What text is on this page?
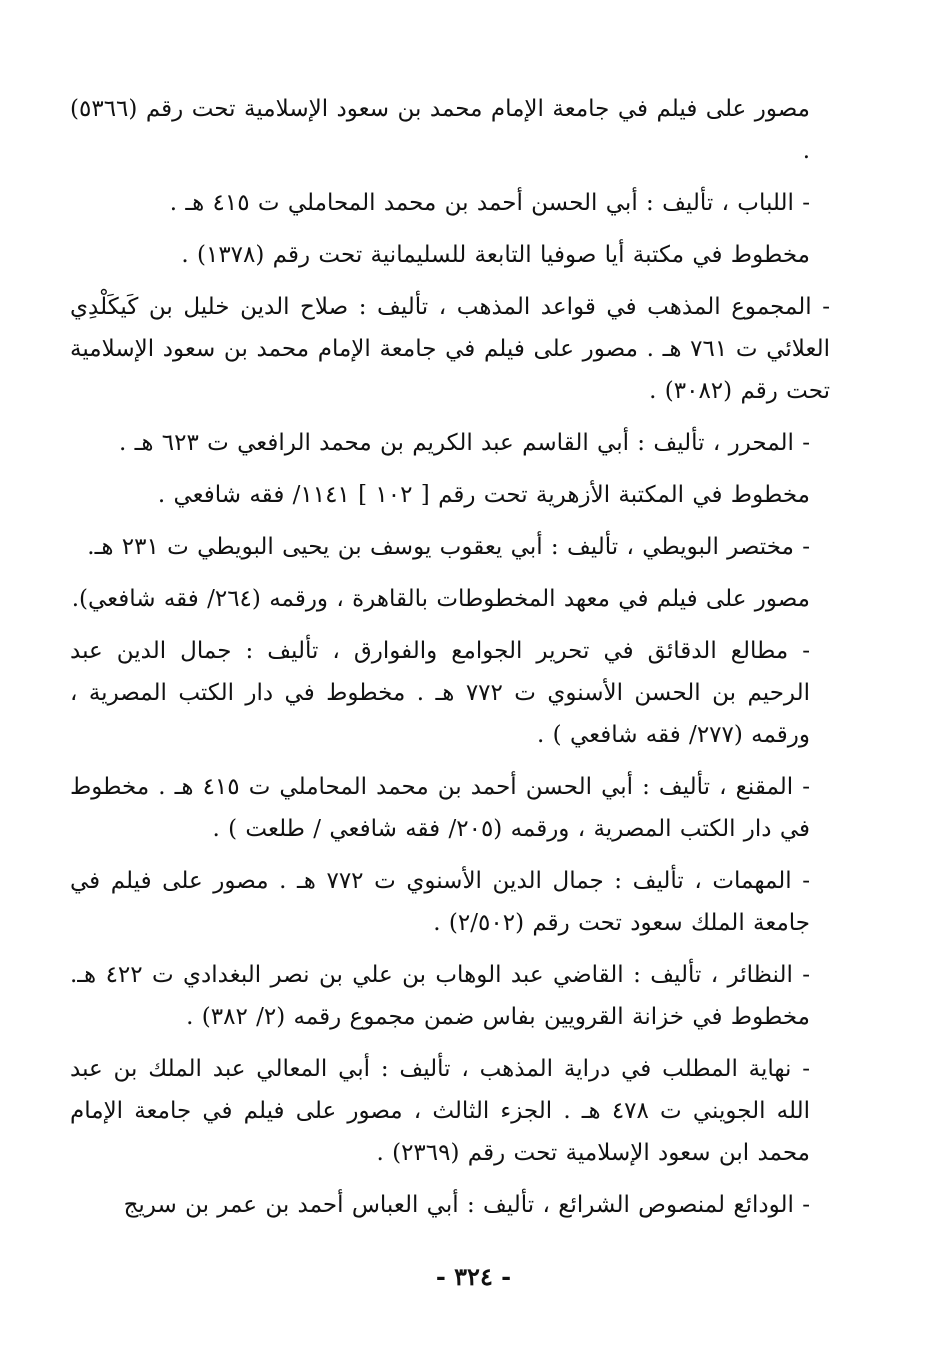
مصور على فيلم في جامعة الإمام محمد بن سعود الإسلامية تحت رقم (٥٣٦٦) .

- اللباب ، تأليف : أبي الحسن أحمد بن محمد المحاملي ت ٤١٥ هـ .

مخطوط في مكتبة أيا صوفيا التابعة للسليمانية تحت رقم (١٣٧٨) .

- المجموع المذهب في قواعد المذهب ، تأليف : صلاح الدين خليل بن كَيكَلْدِي العلائي ت ٧٦١ هـ . مصور على فيلم في جامعة الإمام محمد بن سعود الإسلامية تحت رقم (٣٠٨٢) .

- المحرر ، تأليف : أبي القاسم عبد الكريم بن محمد الرافعي ت ٦٢٣ هـ .

مخطوط في المكتبة الأزهرية تحت رقم [ ١٠٢ ] ١١٤١/ فقه شافعي .

- مختصر البويطي ، تأليف : أبي يعقوب يوسف بن يحيى البويطي ت ٢٣١ هـ.

مصور على فيلم في معهد المخطوطات بالقاهرة ، ورقمه (٢٦٤/ فقه شافعي).

- مطالع الدقائق في تحرير الجوامع والفوارق ، تأليف : جمال الدين عبد الرحيم بن الحسن الأسنوي ت ٧٧٢ هـ . مخطوط في دار الكتب المصرية ، ورقمه (٢٧٧/ فقه شافعي ) .

- المقنع ، تأليف : أبي الحسن أحمد بن محمد المحاملي ت ٤١٥ هـ . مخطوط في دار الكتب المصرية ، ورقمه (٢٠٥/ فقه شافعي / طلعت ) .

- المهمات ، تأليف : جمال الدين الأسنوي ت ٧٧٢ هـ . مصور على فيلم في جامعة الملك سعود تحت رقم (٢/٥٠٢) .

- النظائر ، تأليف : القاضي عبد الوهاب بن علي بن نصر البغدادي ت ٤٢٢ هـ. مخطوط في خزانة القرويين بفاس ضمن مجموع رقمه (٢/ ٣٨٢) .

- نهاية المطلب في دراية المذهب ، تأليف : أبي المعالي عبد الملك بن عبد الله الجويني ت ٤٧٨ هـ . الجزء الثالث ، مصور على فيلم في جامعة الإمام محمد ابن سعود الإسلامية تحت رقم (٢٣٦٩) .

- الودائع لمنصوص الشرائع ، تأليف : أبي العباس أحمد بن عمر بن سريج

- ٣٢٤ -
